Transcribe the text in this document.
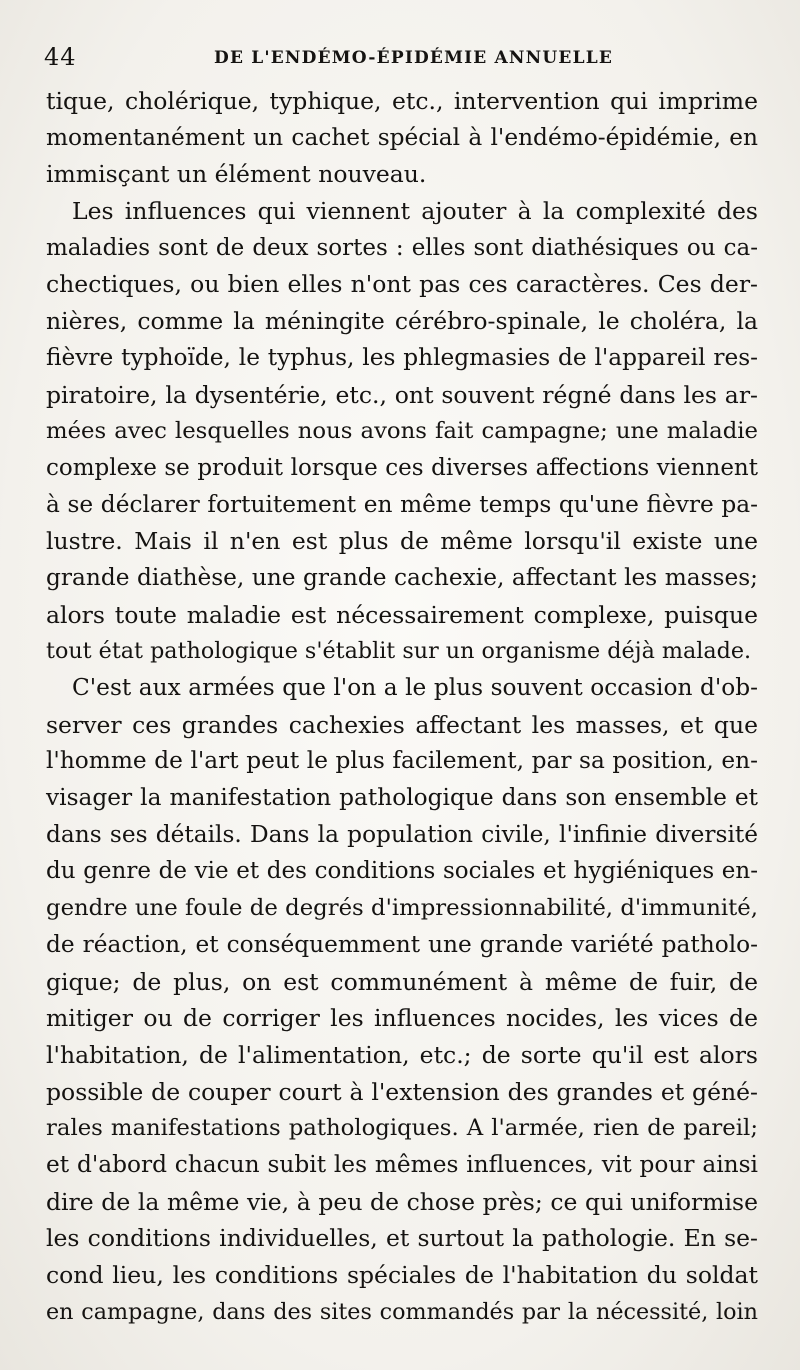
44	DE L'ENDÉMO-ÉPIDÉMIE ANNUELLE
tique, cholérique, typhique, etc., intervention qui imprime
momentanément un cachet spécial à l'endémo-épidémie, en
immisçant un élément nouveau.
Les influences qui viennent ajouter à la complexité des
maladies sont de deux sortes : elles sont diathésiques ou ca-
chectiques, ou bien elles n'ont pas ces caractères. Ces der-
nières, comme la méningite cérébro-spinale, le choléra, la
fièvre typhoïde, le typhus, les phlegmasies de l'appareil res-
piratoire, la dysentérie, etc., ont souvent régné dans les ar-
mées avec lesquelles nous avons fait campagne; une maladie
complexe se produit lorsque ces diverses affections viennent
à se déclarer fortuitement en même temps qu'une fièvre pa-
lustre. Mais il n'en est plus de même lorsqu'il existe une
grande diathèse, une grande cachexie, affectant les masses;
alors toute maladie est nécessairement complexe, puisque
tout état pathologique s'établit sur un organisme déjà malade.
C'est aux armées que l'on a le plus souvent occasion d'ob-
server ces grandes cachexies affectant les masses, et que
l'homme de l'art peut le plus facilement, par sa position, en-
visager la manifestation pathologique dans son ensemble et
dans ses détails. Dans la population civile, l'infinie diversité
du genre de vie et des conditions sociales et hygiéniques en-
gendre une foule de degrés d'impressionnabilité, d'immunité,
de réaction, et conséquemment une grande variété patholo-
gique; de plus, on est communément à même de fuir, de
mitiger ou de corriger les influences nocides, les vices de
l'habitation, de l'alimentation, etc.; de sorte qu'il est alors
possible de couper court à l'extension des grandes et géné-
rales manifestations pathologiques. A l'armée, rien de pareil;
et d'abord chacun subit les mêmes influences, vit pour ainsi
dire de la même vie, à peu de chose près; ce qui uniformise
les conditions individuelles, et surtout la pathologie. En se-
cond lieu, les conditions spéciales de l'habitation du soldat
en campagne, dans des sites commandés par la nécessité, loin
